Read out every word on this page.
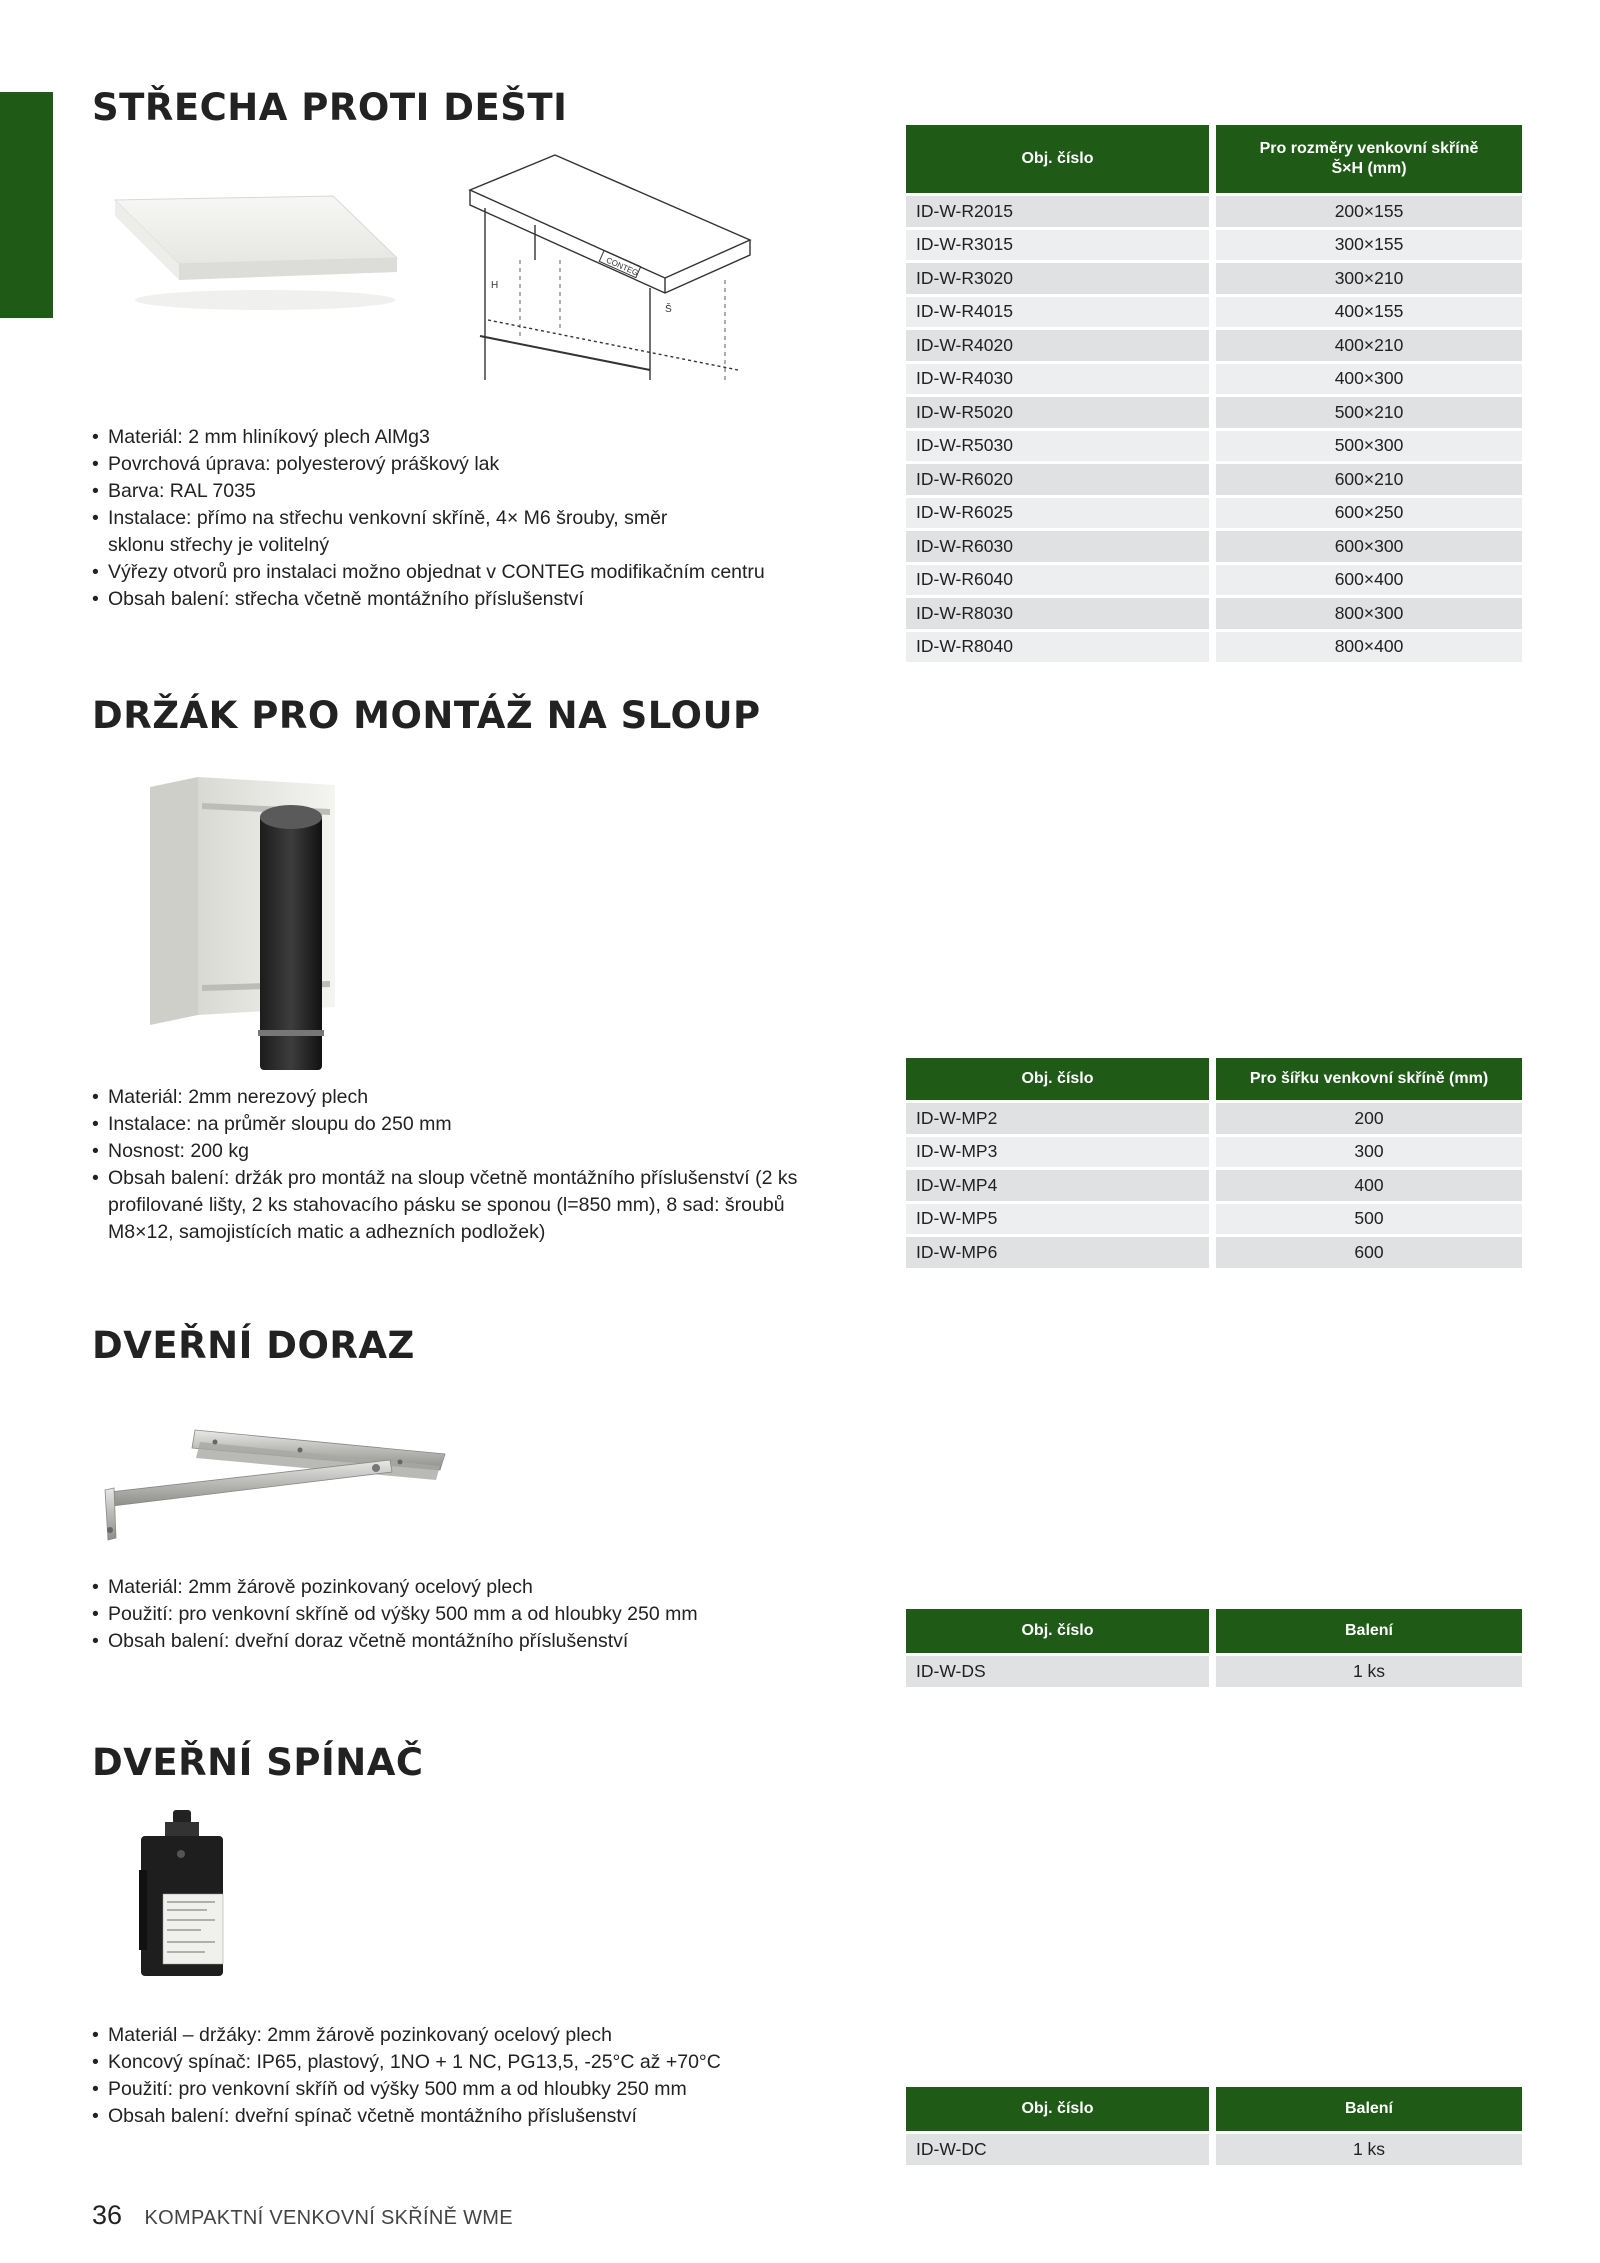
STŘECHA PROTI DEŠTI
CONTEG
H
Š
• Materiál: 2 mm hliníkový plech AlMg3
• Povrchová úprava: polyesterový práškový lak
• Barva: RAL 7035
• Instalace: přímo na střechu venkovní skříně, 4× M6 šrouby, směr sklonu střechy je volitelný
• Výřezy otvorů pro instalaci možno objednat v CONTEG modifikačním centru
• Obsah balení: střecha včetně montážního příslušenství
Obj. číslo
Pro rozměry venkovní skříně Š×H (mm)
ID-W-R2015	200×155
ID-W-R3015	300×155
ID-W-R3020	300×210
ID-W-R4015	400×155
ID-W-R4020	400×210
ID-W-R4030	400×300
ID-W-R5020	500×210
ID-W-R5030	500×300
ID-W-R6020	600×210
ID-W-R6025	600×250
ID-W-R6030	600×300
ID-W-R6040	600×400
ID-W-R8030	800×300
ID-W-R8040	800×400
DRŽÁK PRO MONTÁŽ NA SLOUP
• Materiál: 2mm nerezový plech
• Instalace: na průměr sloupu do 250 mm
• Nosnost: 200 kg
• Obsah balení: držák pro montáž na sloup včetně montážního příslušenství (2 ks profilované lišty, 2 ks stahovacího pásku se sponou (l=850 mm), 8 sad: šroubů M8×12, samojistících matic a adhezních podložek)
Obj. číslo	Pro šířku venkovní skříně (mm)
ID-W-MP2	200
ID-W-MP3	300
ID-W-MP4	400
ID-W-MP5	500
ID-W-MP6	600
DVEŘNÍ DORAZ
• Materiál: 2mm žárově pozinkovaný ocelový plech
• Použití: pro venkovní skříně od výšky 500 mm a od hloubky 250 mm
• Obsah balení: dveřní doraz včetně montážního příslušenství	Obj. číslo	Balení
ID-W-DS	1 ks
DVEŘNÍ SPÍNAČ
• Materiál – držáky: 2mm žárově pozinkovaný ocelový plech
• Koncový spínač: IP65, plastový, 1NO + 1 NC, PG13,5, -25°C až +70°C
• Použití: pro venkovní skříň od výšky 500 mm a od hloubky 250 mm
• Obsah balení: dveřní spínač včetně montážního příslušenství	Obj. číslo	Balení
ID-W-DC	1 ks
36 KOMPAKTNÍ VENKOVNÍ SKŘÍNĚ WME
